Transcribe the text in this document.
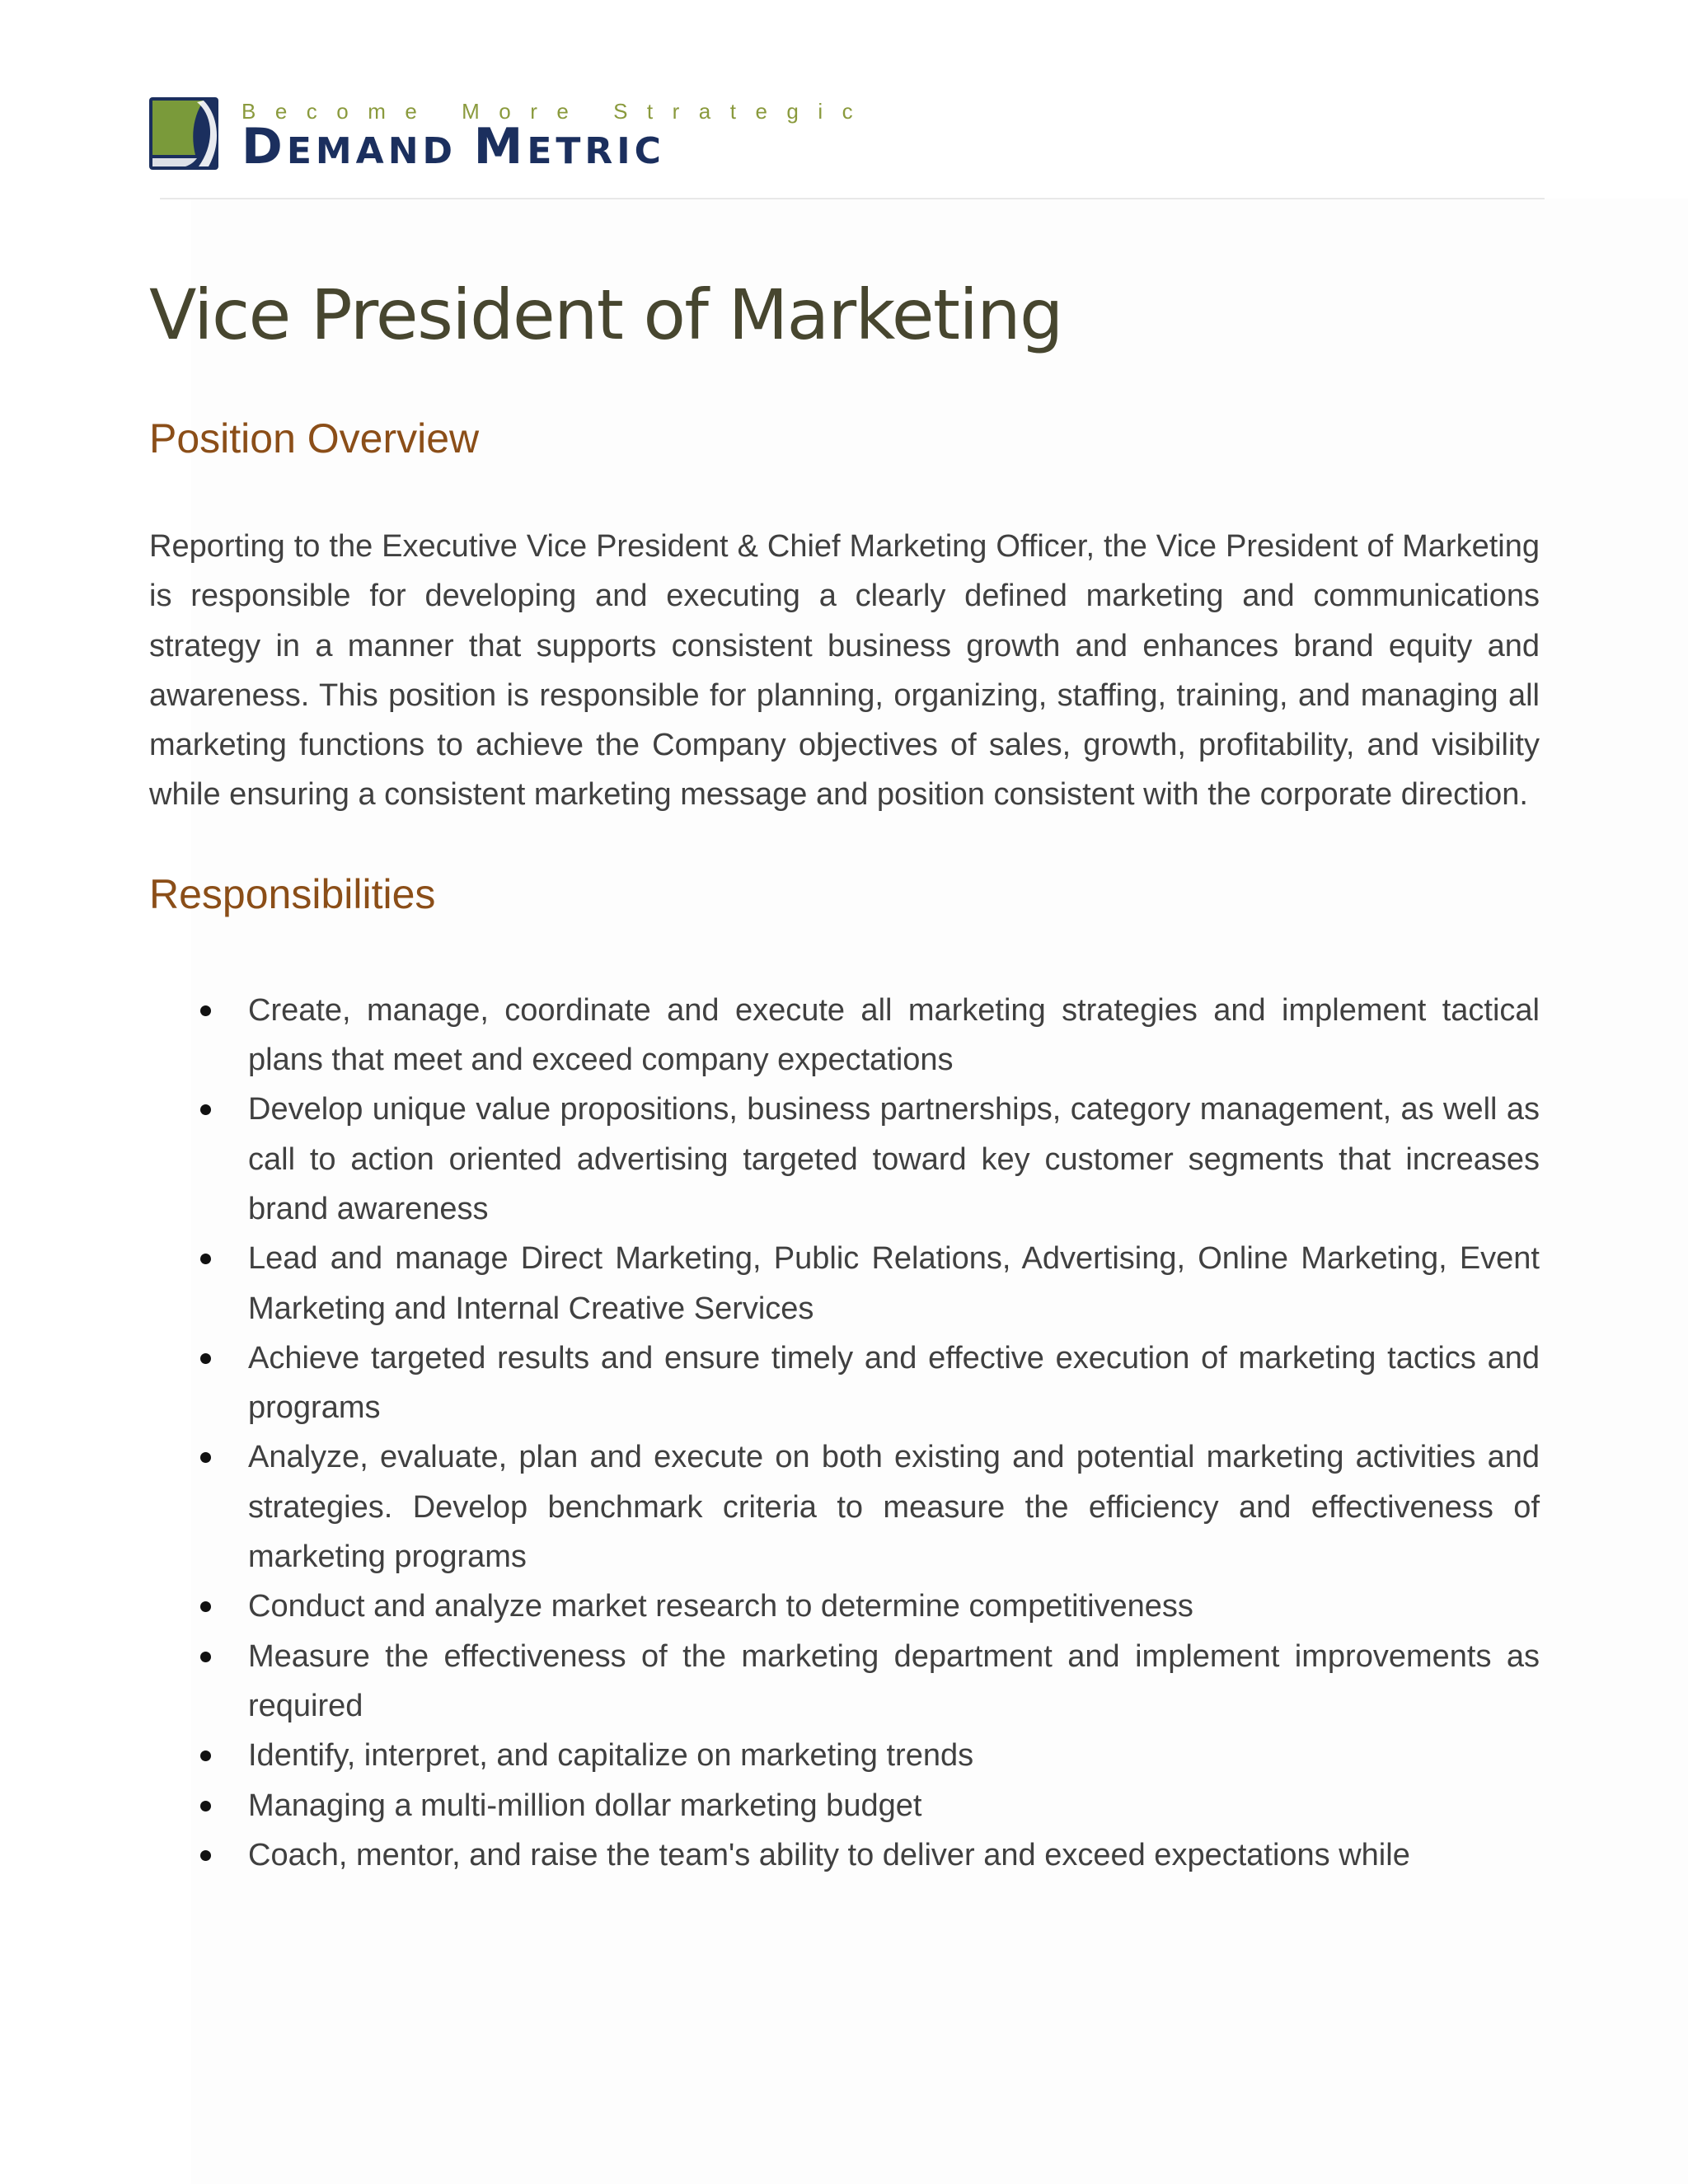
Become More Strategic
DEMAND METRIC
Vice President of Marketing
Position Overview

Reporting to the Executive Vice President & Chief Marketing Officer, the Vice President of Marketing is responsible for developing and executing a clearly defined marketing and communications strategy in a manner that supports consistent business growth and enhances brand equity and awareness. This position is responsible for planning, organizing, staffing, training, and managing all marketing functions to achieve the Company objectives of sales, growth, profitability, and visibility while ensuring a consistent marketing message and position consistent with the corporate direction.

Responsibilities
Create, manage, coordinate and execute all marketing strategies and implement tactical plans that meet and exceed company expectations
Develop unique value propositions, business partnerships, category management, as well as call to action oriented advertising targeted toward key customer segments that increases brand awareness
Lead and manage Direct Marketing, Public Relations, Advertising, Online Marketing, Event Marketing and Internal Creative Services
Achieve targeted results and ensure timely and effective execution of marketing tactics and programs
Analyze, evaluate, plan and execute on both existing and potential marketing activities and strategies. Develop benchmark criteria to measure the efficiency and effectiveness of marketing programs
Conduct and analyze market research to determine competitiveness
Measure the effectiveness of the marketing department and implement improvements as required
Identify, interpret, and capitalize on marketing trends
Managing a multi-million dollar marketing budget
Coach, mentor, and raise the team's ability to deliver and exceed expectations while
